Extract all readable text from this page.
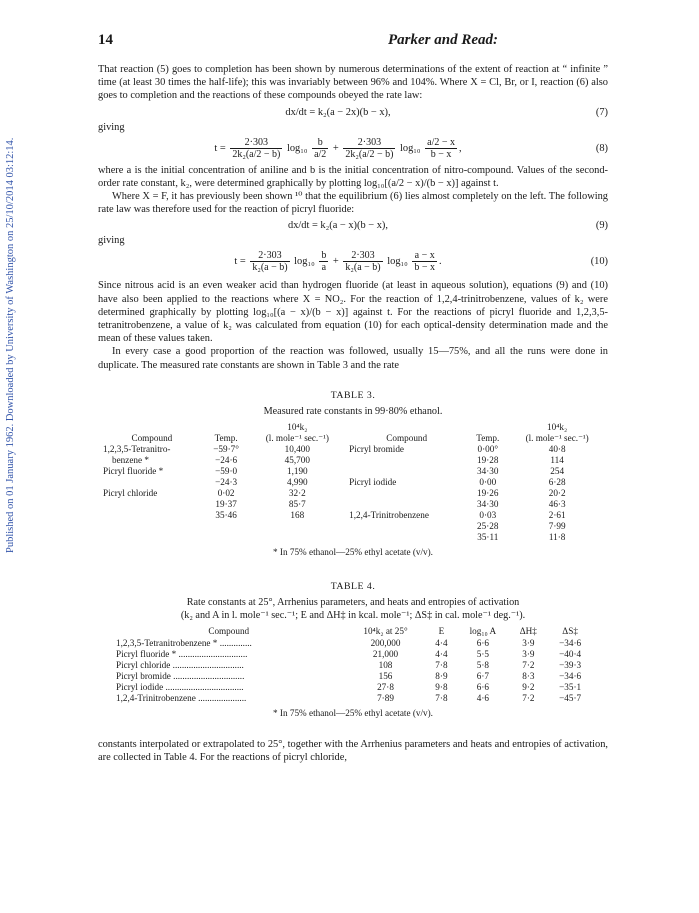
Published on 01 January 1962. Downloaded by University of Washington on 25/10/2014 03:12:14.
14	Parker and Read:

That reaction (5) goes to completion has been shown by numerous determinations of the extent of reaction at “ infinite ” time (at least 30 times the half-life); this was invariably between 96% and 104%. Where X = Cl, Br, or I, reaction (6) also goes to completion and the reactions of these compounds obeyed the rate law:

dx/dt = k₂(a − 2x)(b − x),	(7)
giving
$t = \frac{2\cdot 303}{\text{2k₂(a/2 − b)}} \log_{10} \frac{b}{a/2} + \frac{2\cdot 303}{\text{2k₂(a/2 − b)}} \log_{10} \frac{a/2 - x}{b - x}$ ,	(8)

where a is the initial concentration of aniline and b is the initial concentration of nitro-compound. Values of the second-order rate constant, k₂, were determined graphically by plotting log₁₀[(a/2 − x)/(b − x)] against t.

Where X = F, it has previously been shown ¹⁰ that the equilibrium (6) lies almost completely on the left. The following rate law was therefore used for the reaction of picryl fluoride:

dx/dt = k₂(a − x)(b − x),	(9)
giving
$t = \frac{2\cdot 303}{\text{k₂(a − b)}} \log_{10} \frac{b}{a} + \frac{2\cdot 303}{\text{k₂(a − b)}} \log_{10} \frac{a - x}{b - x}$ .	(10)

Since nitrous acid is an even weaker acid than hydrogen fluoride (at least in aqueous solution), equations (9) and (10) have also been applied to the reactions where X = NO₂. For the reaction of 1,2,4-trinitrobenzene, values of k₂ were determined graphically by plotting log₁₀[(a − x)/(b − x)] against t. For the reactions of picryl fluoride and 1,2,3,5-tetranitrobenzene, a value of k₂ was calculated from equation (10) for each optical-density determination made and the mean of these values taken.

In every case a good proportion of the reaction was followed, usually 15—75%, and all the runs were done in duplicate. The measured rate constants are shown in Table 3 and the rate

TABLE 3.
Measured rate constants in 99·80% ethanol.
		10⁴k₂			10⁴k₂
Compound	Temp.	(l. mole⁻¹ sec.⁻¹)	Compound	Temp.	(l. mole⁻¹ sec.⁻¹)
1,2,3,5-Tetranitro-	−59·7°	10,400	Picryl bromide	0·00°	40·8
benzene *	−24·6	45,700		19·28	114
Picryl fluoride *	−59·0	1,190		34·30	254
	−24·3	4,990	Picryl iodide	0·00	6·28
Picryl chloride	0·02	32·2		19·26	20·2
	19·37	85·7		34·30	46·3
	35·46	168	1,2,4-Trinitrobenzene	0·03	2·61
				25·28	7·99
				35·11	11·8
* In 75% ethanol—25% ethyl acetate (v/v).
TABLE 4.
Rate constants at 25°, Arrhenius parameters, and heats and entropies of activation
(k₂ and A in l. mole⁻¹ sec.⁻¹; E and ΔH‡ in kcal. mole⁻¹; ΔS‡ in cal. mole⁻¹ deg.⁻¹).
Compound	10⁴k₂ at 25°	E	log₁₀ A	ΔH‡	ΔS‡
1,2,3,5-Tetranitrobenzene * ..............	200,000	4·4	6·6	3·9	−34·6
Picryl fluoride * ..............................	21,000	4·4	5·5	3·9	−40·4
Picryl chloride ...............................	108	7·8	5·8	7·2	−39·3
Picryl bromide ...............................	156	8·9	6·7	8·3	−34·6
Picryl iodide ..................................	27·8	9·8	6·6	9·2	−35·1
1,2,4-Trinitrobenzene .....................	7·89	7·8	4·6	7·2	−45·7
* In 75% ethanol—25% ethyl acetate (v/v).

constants interpolated or extrapolated to 25°, together with the Arrhenius parameters and heats and entropies of activation, are collected in Table 4. For the reactions of picryl chloride,
